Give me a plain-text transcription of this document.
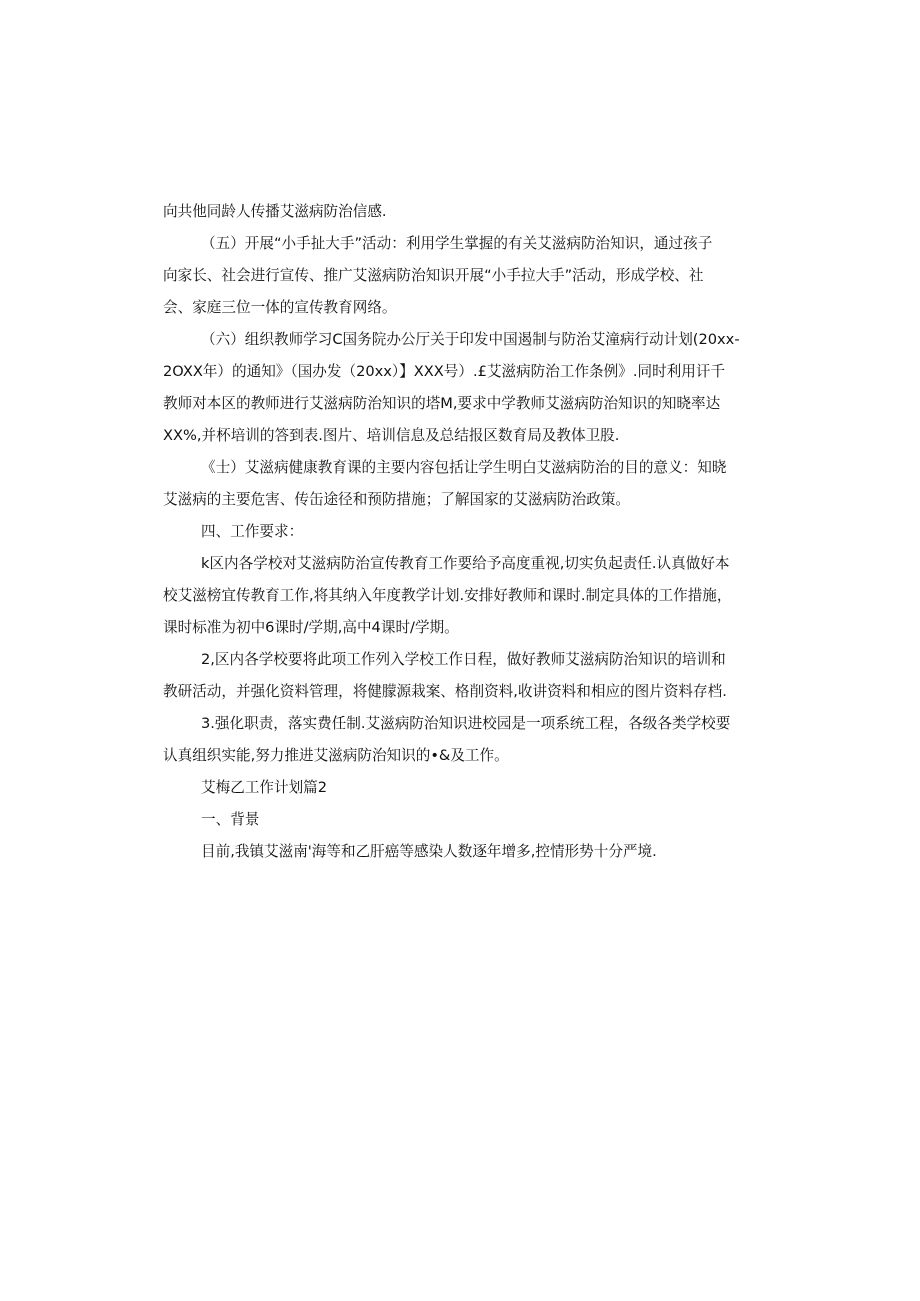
向共他同龄人传播艾滋病防治信感.
（五）开展“小手扯大手”活动：利用学生掌握的有关艾滋病防治知识，通过孩子
向家长、社会进行宣传、推广艾滋病防治知识开展“小手拉大手”活动，形成学校、社
会、家庭三位一体的宣传教育网络。
（六）组织教师学习C国务院办公厅关于印发中国遏制与防治艾潼病行动计划(20xx-
2OXX年）的通知》（国办发（20xx）】XXX号）.£艾滋病防治工作条例》.同时利用讦千
教师对本区的教师进行艾滋病防治知识的塔M,要求中学教师艾滋病防治知识的知晓率达
XX%,并杯培训的答到表.图片、培训信息及总结报区数育局及教体卫股.
《士）艾滋病健康教育课的主要内容包括让学生明白艾滋病防治的目的意义：知晓
艾滋病的主要危害、传缶途径和预防措施；了解国家的艾滋病防治政策。
四、工作要求：
k区内各学校对艾滋病防治宣传教育工作要给予高度重视,切实负起责任.认真做好本
校艾滋榜宜传教育工作,将其纳入年度教学计划.安排好教师和课时.制定具体的工作措施，
课时标准为初中6课时/学期,高中4课时/学期。
2,区内各学校要将此项工作列入学校工作日程，做好教师艾滋病防治知识的培训和
教研活动，并强化资料管理，将健朦源栽案、格削资料,收讲资料和相应的图片资料存档.
3.强化职责，落实费任制.艾滋病防治知识进校园是一项系统工程，各级各类学校要
认真组织实能,努力推进艾滋病防治知识的•&及工作。
艾梅乙工作计划篇2
一、背景
目前,我镇艾滋南'海等和乙肝癌等感染人数逐年增多,控情形势十分严境.
